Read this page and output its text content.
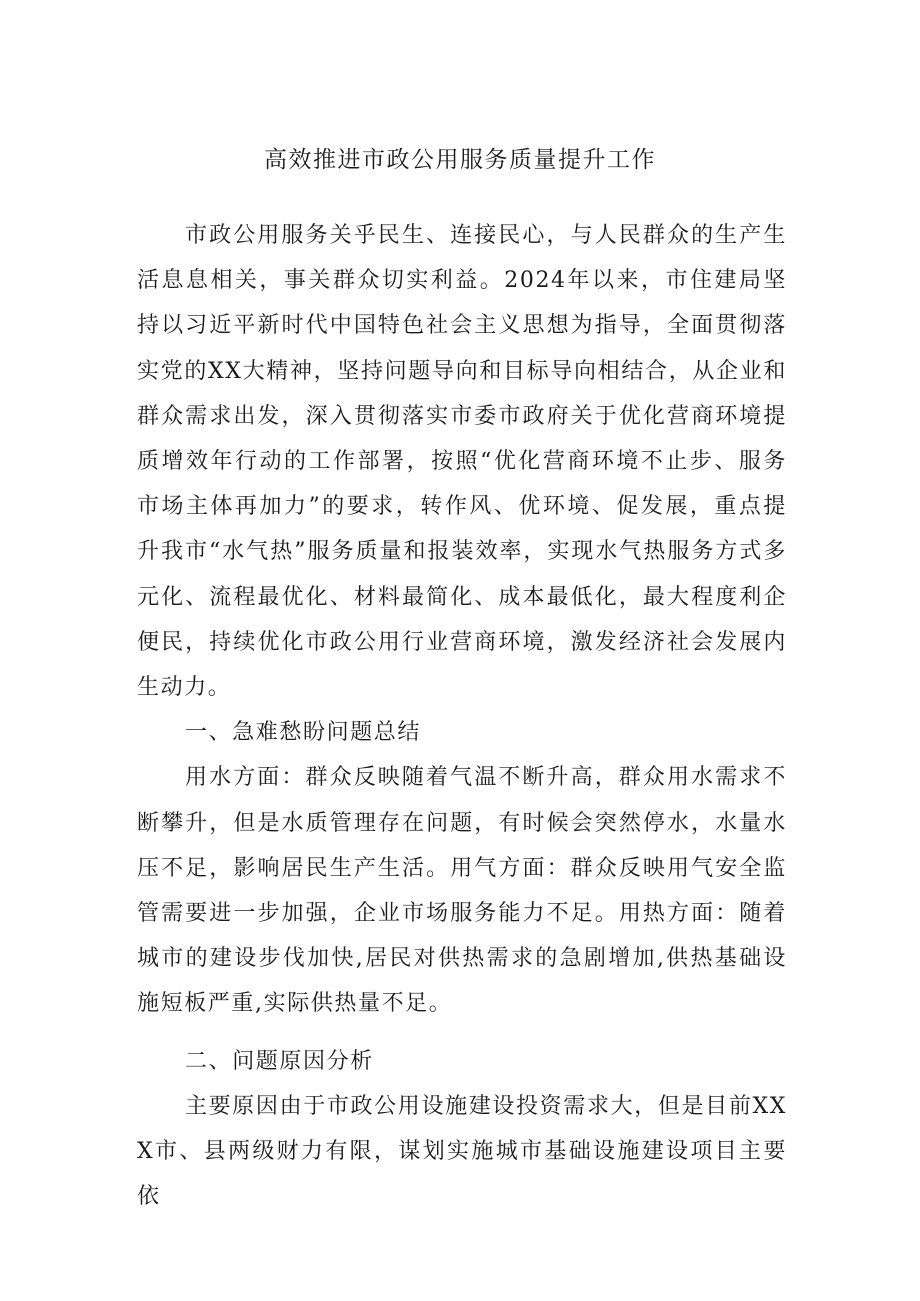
高效推进市政公用服务质量提升工作

市政公用服务关乎民生、连接民心，与人民群众的生产生活息息相关，事关群众切实利益。2024年以来，市住建局坚持以习近平新时代中国特色社会主义思想为指导，全面贯彻落实党的XX大精神，坚持问题导向和目标导向相结合，从企业和群众需求出发，深入贯彻落实市委市政府关于优化营商环境提质增效年行动的工作部署，按照“优化营商环境不止步、服务市场主体再加力”的要求，转作风、优环境、促发展，重点提升我市“水气热”服务质量和报装效率，实现水气热服务方式多元化、流程最优化、材料最简化、成本最低化，最大程度利企便民，持续优化市政公用行业营商环境，激发经济社会发展内生动力。

一、急难愁盼问题总结

用水方面：群众反映随着气温不断升高，群众用水需求不断攀升，但是水质管理存在问题，有时候会突然停水，水量水压不足，影响居民生产生活。用气方面：群众反映用气安全监管需要进一步加强，企业市场服务能力不足。用热方面：随着城市的建设步伐加快,居民对供热需求的急剧增加,供热基础设施短板严重,实际供热量不足。

二、问题原因分析

主要原因由于市政公用设施建设投资需求大，但是目前XXX市、县两级财力有限，谋划实施城市基础设施建设项目主要依
